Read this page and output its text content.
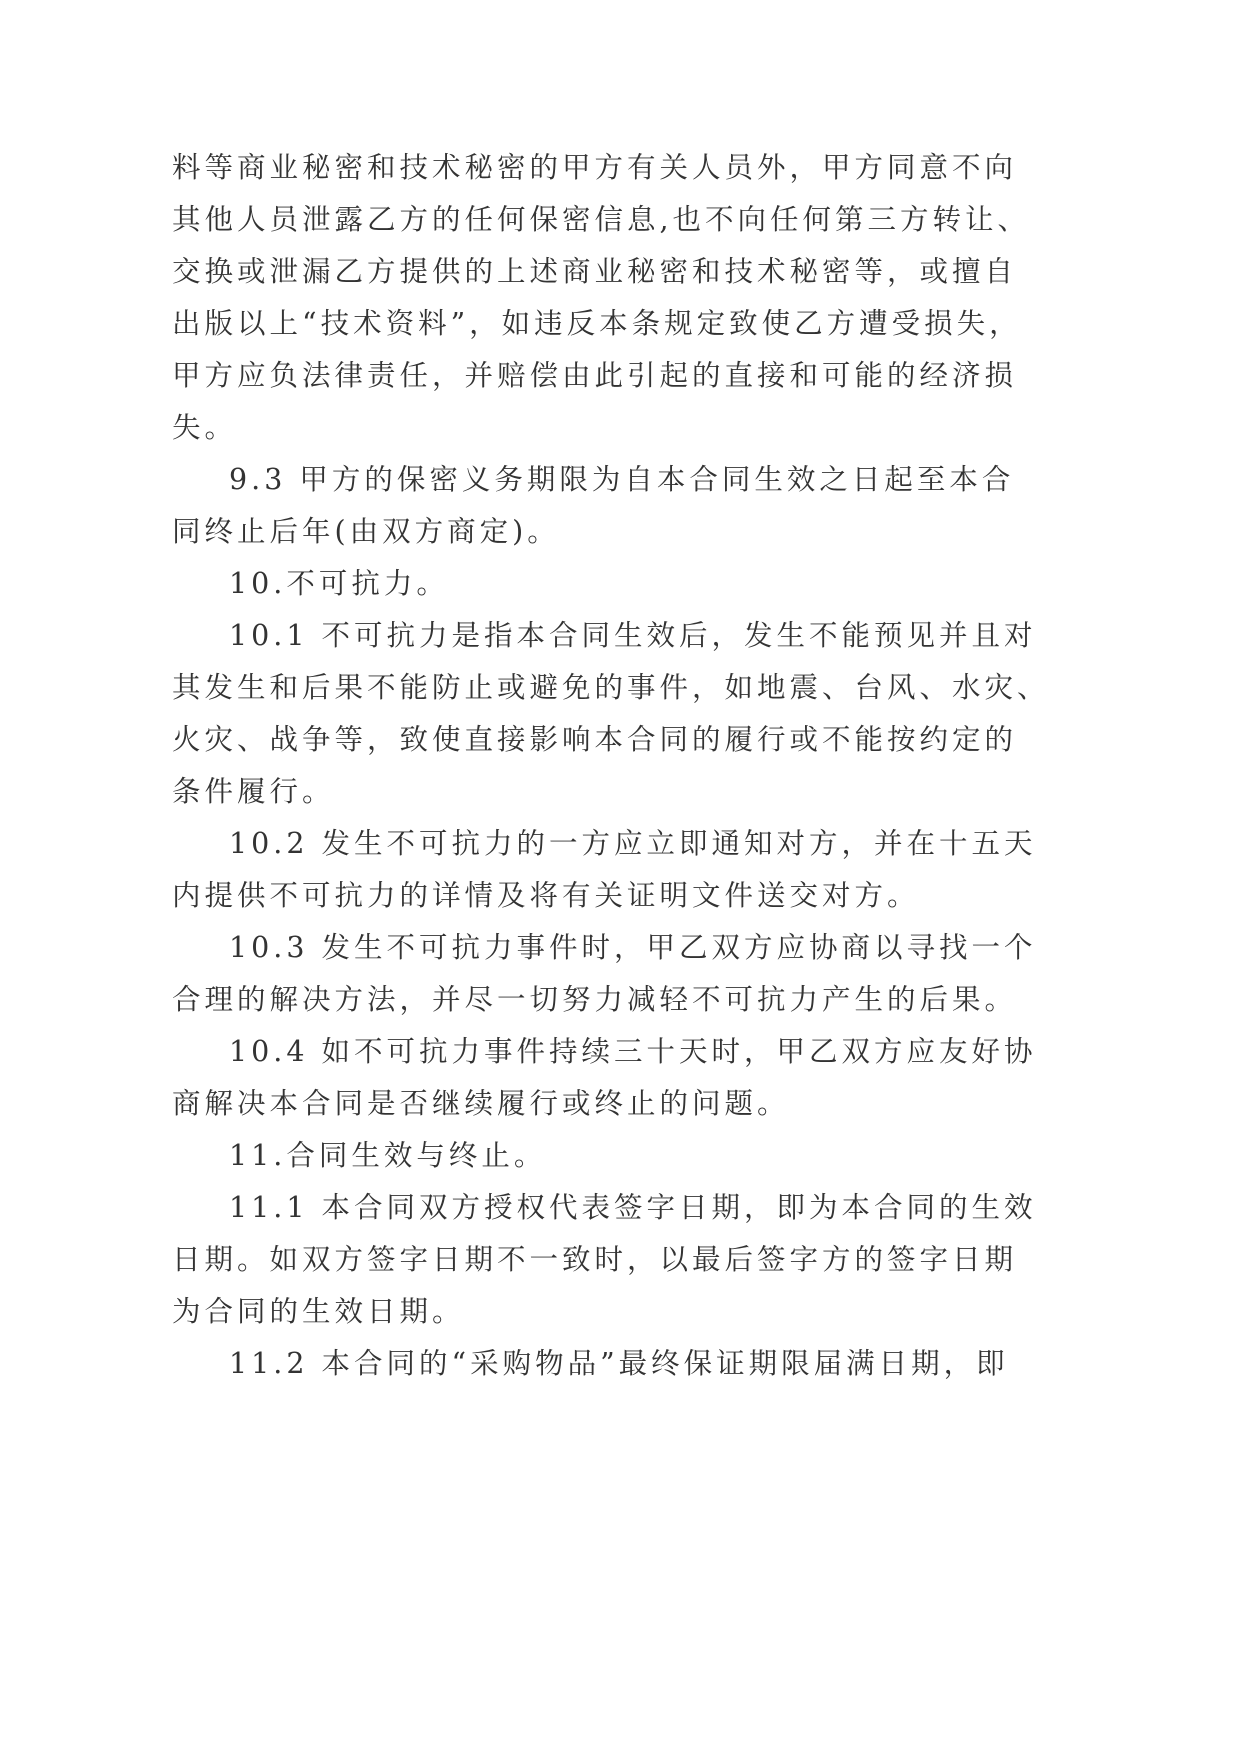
料等商业秘密和技术秘密的甲方有关人员外，甲方同意不向

其他人员泄露乙方的任何保密信息,也不向任何第三方转让、

交换或泄漏乙方提供的上述商业秘密和技术秘密等，或擅自

出版以上“技术资料”，如违反本条规定致使乙方遭受损失，

甲方应负法律责任，并赔偿由此引起的直接和可能的经济损

失。

9.3 甲方的保密义务期限为自本合同生效之日起至本合

同终止后年(由双方商定)。

10.不可抗力。

10.1 不可抗力是指本合同生效后，发生不能预见并且对

其发生和后果不能防止或避免的事件，如地震、台风、水灾、

火灾、战争等，致使直接影响本合同的履行或不能按约定的

条件履行。

10.2 发生不可抗力的一方应立即通知对方，并在十五天

内提供不可抗力的详情及将有关证明文件送交对方。

10.3 发生不可抗力事件时，甲乙双方应协商以寻找一个

合理的解决方法，并尽一切努力减轻不可抗力产生的后果。

10.4 如不可抗力事件持续三十天时，甲乙双方应友好协

商解决本合同是否继续履行或终止的问题。

11.合同生效与终止。

11.1 本合同双方授权代表签字日期，即为本合同的生效

日期。如双方签字日期不一致时，以最后签字方的签字日期

为合同的生效日期。

11.2 本合同的“采购物品”最终保证期限届满日期，即
